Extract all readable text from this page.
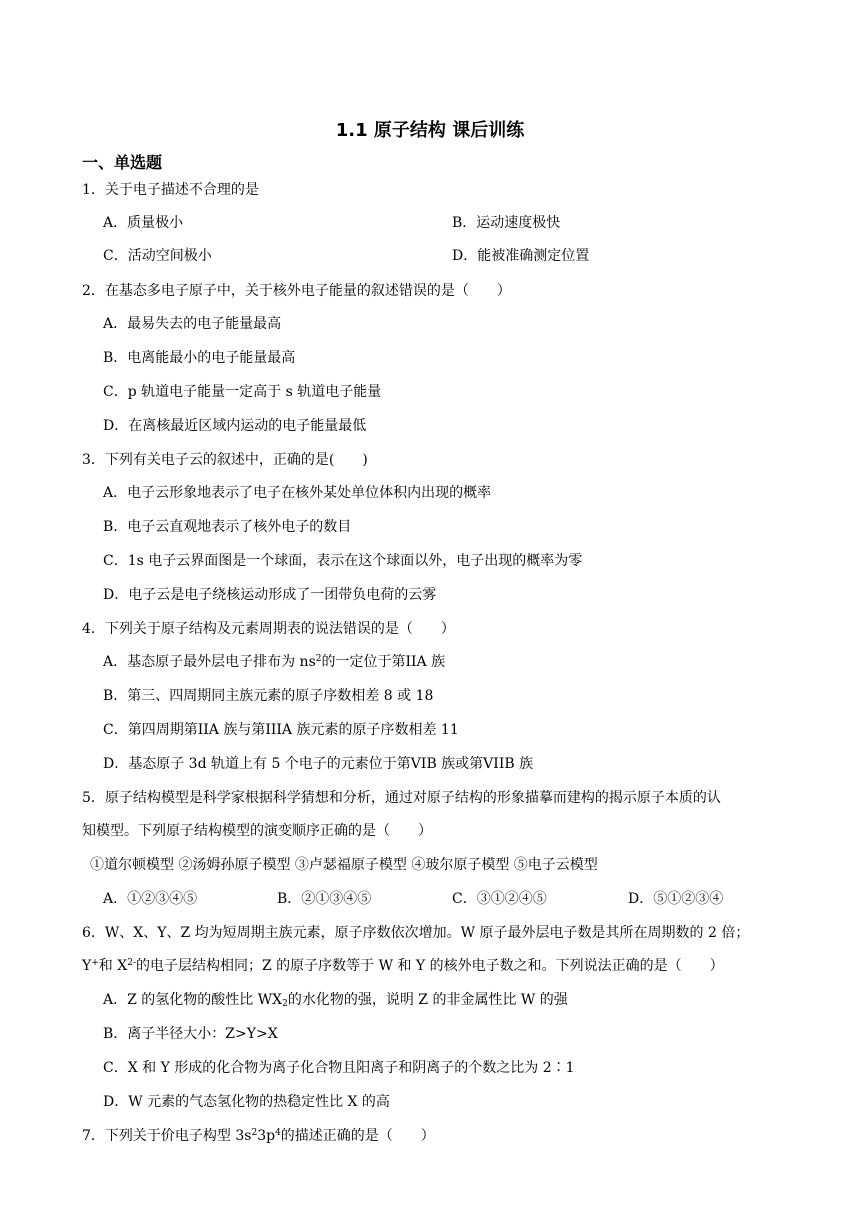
1.1 原子结构 课后训练
一、单选题
1．关于电子描述不合理的是
A．质量极小	B．运动速度极快
C．活动空间极小	D．能被准确测定位置
2．在基态多电子原子中，关于核外电子能量的叙述错误的是（　　）
A．最易失去的电子能量最高
B．电离能最小的电子能量最高
C．p 轨道电子能量一定高于 s 轨道电子能量
D．在离核最近区域内运动的电子能量最低
3．下列有关电子云的叙述中，正确的是(　　)
A．电子云形象地表示了电子在核外某处单位体积内出现的概率
B．电子云直观地表示了核外电子的数目
C．1s 电子云界面图是一个球面，表示在这个球面以外，电子出现的概率为零
D．电子云是电子绕核运动形成了一团带负电荷的云雾
4．下列关于原子结构及元素周期表的说法错误的是（　　）
A．基态原子最外层电子排布为 $ns^2$的一定位于第IIA 族
B．第三、四周期同主族元素的原子序数相差 8 或 18
C．第四周期第IIA 族与第IIIA 族元素的原子序数相差 11
D．基态原子 3d 轨道上有 5 个电子的元素位于第VIB 族或第VIIB 族
5．原子结构模型是科学家根据科学猜想和分析，通过对原子结构的形象描摹而建构的揭示原子本质的认
知模型。下列原子结构模型的演变顺序正确的是（　　）
①道尔顿模型 ②汤姆孙原子模型 ③卢瑟福原子模型 ④玻尔原子模型 ⑤电子云模型
A．①②③④⑤	B．②①③④⑤	C．③①②④⑤	D．⑤①②③④
6．W、X、Y、Z 均为短周期主族元素，原子序数依次增加。W 原子最外层电子数是其所在周期数的 2 倍；
Y+和 $X^{2-}$的电子层结构相同；Z 的原子序数等于 W 和 Y 的核外电子数之和。下列说法正确的是（　　）
A．Z 的氢化物的酸性比 $WX_2$的水化物的强，说明 Z 的非金属性比 W 的强
B．离子半径大小：Z>Y>X
C．X 和 Y 形成的化合物为离子化合物且阳离子和阴离子的个数之比为 2∶1
D．W 元素的气态氢化物的热稳定性比 X 的高
7．下列关于价电子构型 $3s^23p^4$的描述正确的是（　　）
